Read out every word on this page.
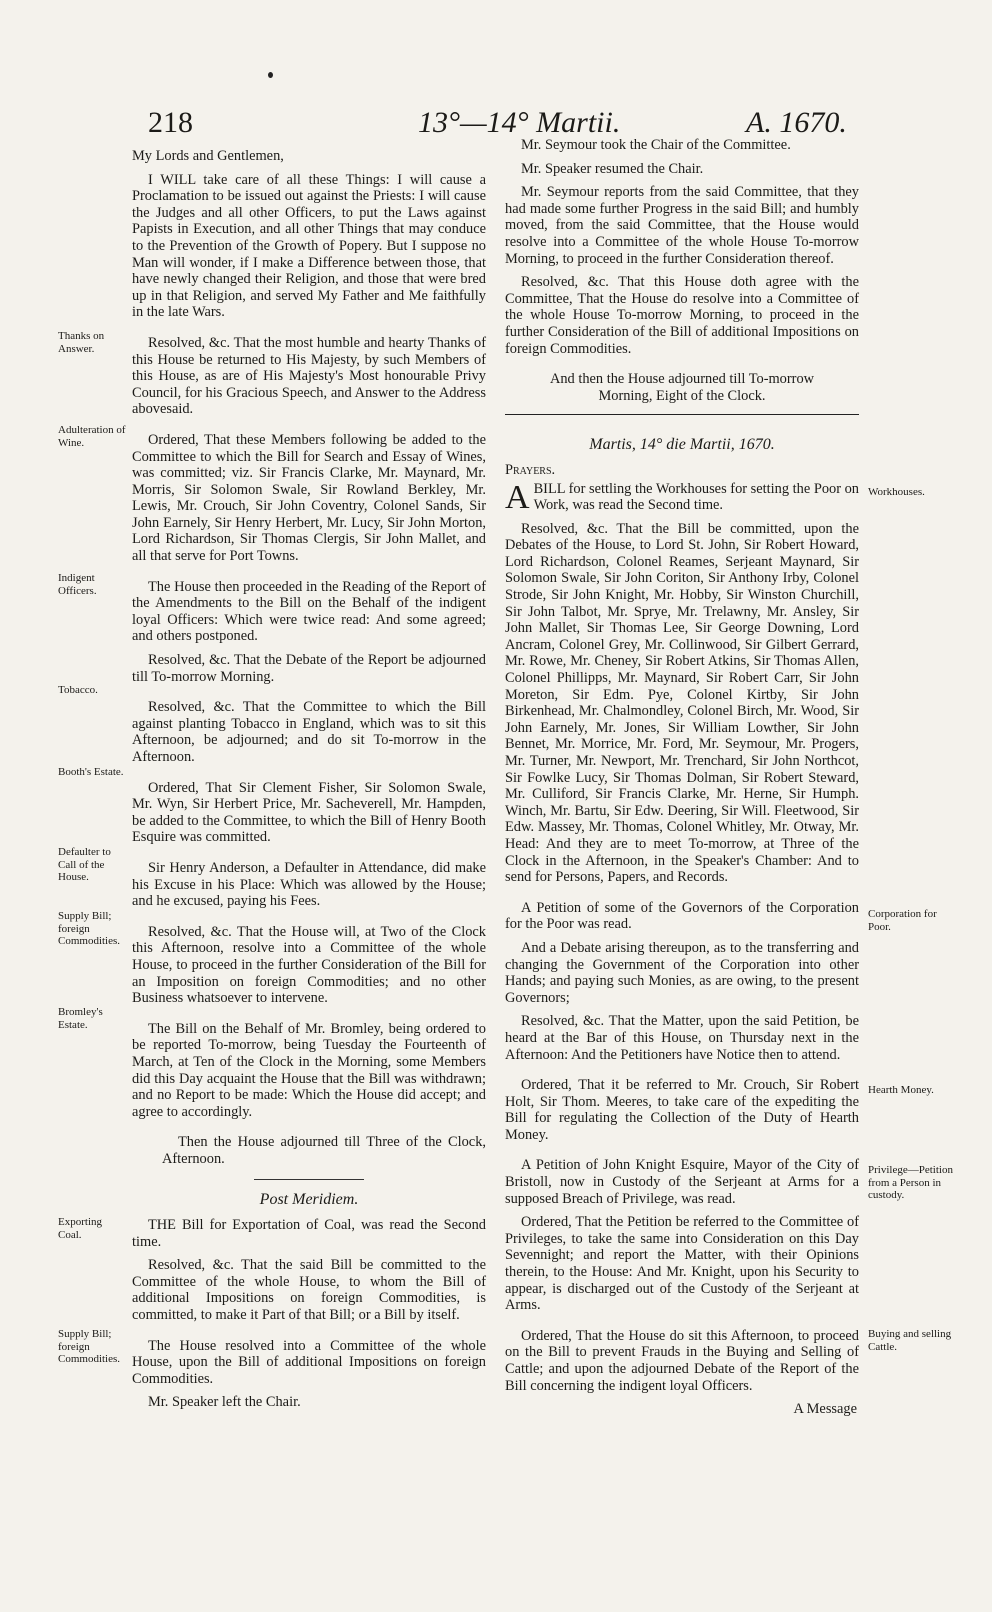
218	13°—14° Martii.	A. 1670.

My Lords and Gentlemen,

I WILL take care of all these Things: I will cause a Proclamation to be issued out against the Priests: I will cause the Judges and all other Officers, to put the Laws against Papists in Execution, and all other Things that may conduce to the Prevention of the Growth of Popery. But I suppose no Man will wonder, if I make a Difference between those, that have newly changed their Religion, and those that were bred up in that Religion, and served My Father and Me faithfully in the late Wars.

Resolved, &c. That the most humble and hearty Thanks of this House be returned to His Majesty, by such Members of this House, as are of His Majesty's Most honourable Privy Council, for his Gracious Speech, and Answer to the Address abovesaid.

Ordered, That these Members following be added to the Committee to which the Bill for Search and Essay of Wines, was committed; viz. Sir Francis Clarke, Mr. Maynard, Mr. Morris, Sir Solomon Swale, Sir Rowland Berkley, Mr. Lewis, Mr. Crouch, Sir John Coventry, Colonel Sands, Sir John Earnely, Sir Henry Herbert, Mr. Lucy, Sir John Morton, Lord Richardson, Sir Thomas Clergis, Sir John Mallet, and all that serve for Port Towns.

The House then proceeded in the Reading of the Report of the Amendments to the Bill on the Behalf of the indigent loyal Officers: Which were twice read: And some agreed; and others postponed.

Resolved, &c. That the Debate of the Report be adjourned till To-morrow Morning.

Resolved, &c. That the Committee to which the Bill against planting Tobacco in England, which was to sit this Afternoon, be adjourned; and do sit To-morrow in the Afternoon.

Ordered, That Sir Clement Fisher, Sir Solomon Swale, Mr. Wyn, Sir Herbert Price, Mr. Sacheverell, Mr. Hampden, be added to the Committee, to which the Bill of Henry Booth Esquire was committed.

Sir Henry Anderson, a Defaulter in Attendance, did make his Excuse in his Place: Which was allowed by the House; and he excused, paying his Fees.

Resolved, &c. That the House will, at Two of the Clock this Afternoon, resolve into a Committee of the whole House, to proceed in the further Consideration of the Bill for an Imposition on foreign Commodities; and no other Business whatsoever to intervene.

The Bill on the Behalf of Mr. Bromley, being ordered to be reported To-morrow, being Tuesday the Fourteenth of March, at Ten of the Clock in the Morning, some Members did this Day acquaint the House that the Bill was withdrawn; and no Report to be made: Which the House did accept; and agree to accordingly.

Then the House adjourned till Three of the Clock, Afternoon.

Post Meridiem.

THE Bill for Exportation of Coal, was read the Second time.

Resolved, &c. That the said Bill be committed to the Committee of the whole House, to whom the Bill of additional Impositions on foreign Commodities, is committed, to make it Part of that Bill; or a Bill by itself.

The House resolved into a Committee of the whole House, upon the Bill of additional Impositions on foreign Commodities.

Mr. Speaker left the Chair.

Mr. Seymour took the Chair of the Committee.

Mr. Speaker resumed the Chair.

Mr. Seymour reports from the said Committee, that they had made some further Progress in the said Bill; and humbly moved, from the said Committee, that the House would resolve into a Committee of the whole House To-morrow Morning, to proceed in the further Consideration thereof.

Resolved, &c. That this House doth agree with the Committee, That the House do resolve into a Committee of the whole House To-morrow Morning, to proceed in the further Consideration of the Bill of additional Impositions on foreign Commodities.

And then the House adjourned till To-morrow Morning, Eight of the Clock.

Martis, 14° die Martii, 1670.

Prayers.

ABILL for settling the Workhouses for setting the Poor on Work, was read the Second time.

Resolved, &c. That the Bill be committed, upon the Debates of the House, to Lord St. John, Sir Robert Howard, Lord Richardson, Colonel Reames, Serjeant Maynard, Sir Solomon Swale, Sir John Coriton, Sir Anthony Irby, Colonel Strode, Sir John Knight, Mr. Hobby, Sir Winston Churchill, Sir John Talbot, Mr. Sprye, Mr. Trelawny, Mr. Ansley, Sir John Mallet, Sir Thomas Lee, Sir George Downing, Lord Ancram, Colonel Grey, Mr. Collinwood, Sir Gilbert Gerrard, Mr. Rowe, Mr. Cheney, Sir Robert Atkins, Sir Thomas Allen, Colonel Phillipps, Mr. Maynard, Sir Robert Carr, Sir John Moreton, Sir Edm. Pye, Colonel Kirtby, Sir John Birkenhead, Mr. Chalmondley, Colonel Birch, Mr. Wood, Sir John Earnely, Mr. Jones, Sir William Lowther, Sir John Bennet, Mr. Morrice, Mr. Ford, Mr. Seymour, Mr. Progers, Mr. Turner, Mr. Newport, Mr. Trenchard, Sir John Northcot, Sir Fowlke Lucy, Sir Thomas Dolman, Sir Robert Steward, Mr. Culliford, Sir Francis Clarke, Mr. Herne, Sir Humph. Winch, Mr. Bartu, Sir Edw. Deering, Sir Will. Fleetwood, Sir Edw. Massey, Mr. Thomas, Colonel Whitley, Mr. Otway, Mr. Head: And they are to meet To-morrow, at Three of the Clock in the Afternoon, in the Speaker's Chamber: And to send for Persons, Papers, and Records.

A Petition of some of the Governors of the Corporation for the Poor was read.

And a Debate arising thereupon, as to the transferring and changing the Government of the Corporation into other Hands; and paying such Monies, as are owing, to the present Governors;

Resolved, &c. That the Matter, upon the said Petition, be heard at the Bar of this House, on Thursday next in the Afternoon: And the Petitioners have Notice then to attend.

Ordered, That it be referred to Mr. Crouch, Sir Robert Holt, Sir Thom. Meeres, to take care of the expediting the Bill for regulating the Collection of the Duty of Hearth Money.

A Petition of John Knight Esquire, Mayor of the City of Bristoll, now in Custody of the Serjeant at Arms for a supposed Breach of Privilege, was read.

Ordered, That the Petition be referred to the Committee of Privileges, to take the same into Consideration on this Day Sevennight; and report the Matter, with their Opinions therein, to the House: And Mr. Knight, upon his Security to appear, is discharged out of the Custody of the Serjeant at Arms.

Ordered, That the House do sit this Afternoon, to proceed on the Bill to prevent Frauds in the Buying and Selling of Cattle; and upon the adjourned Debate of the Report of the Bill concerning the indigent loyal Officers.

A Message

Thanks on Answer.
Adulteration of Wine.
Indigent Officers.
Tobacco.
Booth's Estate.
Defaulter to Call of the House.
Supply Bill; foreign Commodities.
Bromley's Estate.
Exporting Coal.
Supply Bill; foreign Commodities.
Workhouses.
Corporation for Poor.
Hearth Money.
Privilege—Petition from a Person in custody.
Buying and selling Cattle.
